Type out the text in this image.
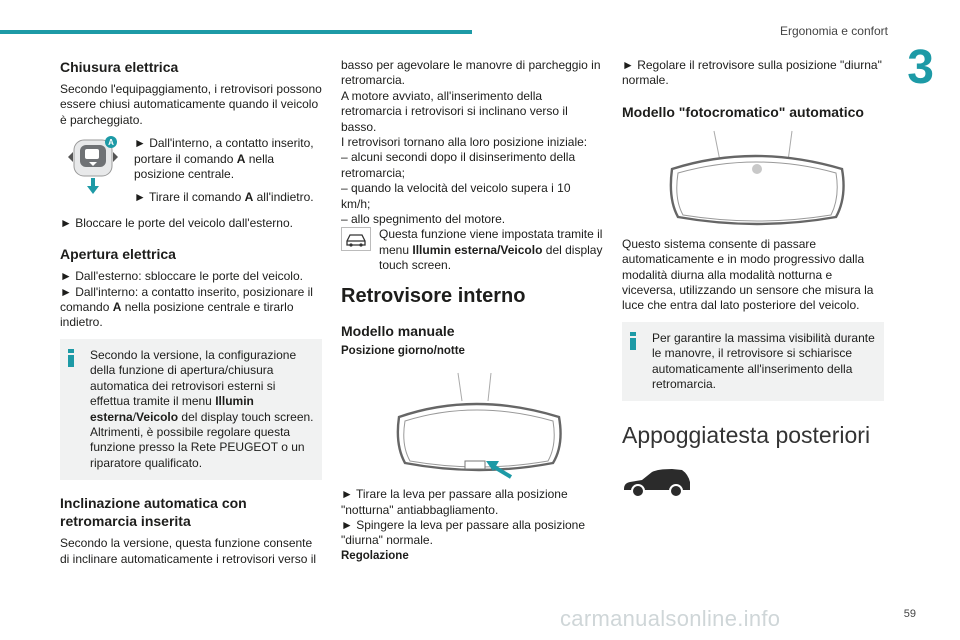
Ergonomia e confort
3
Chiusura elettrica

Secondo l'equipaggiamento, i retrovisori possono essere chiusi automaticamente quando il veicolo è parcheggiato.

A ► Dall'interno, a contatto inserito, portare il comando A nella posizione centrale.

► Tirare il comando A all'indietro.

► Bloccare le porte del veicolo dall'esterno.

Apertura elettrica

► Dall'esterno: sbloccare le porte del veicolo.

► Dall'interno: a contatto inserito, posizionare il comando A nella posizione centrale e tirarlo indietro.

Secondo la versione, la configurazione della funzione di apertura/chiusura automatica dei retrovisori esterni si effettua tramite il menu Illumin esterna/Veicolo del display touch screen.
Altrimenti, è possibile regolare questa funzione presso la Rete PEUGEOT o un riparatore qualificato.
Inclinazione automatica con retromarcia inserita

Secondo la versione, questa funzione consente di inclinare automaticamente i retrovisori verso il

basso per agevolare le manovre di parcheggio in retromarcia.

A motore avviato, all'inserimento della retromarcia i retrovisori si inclinano verso il basso.

I retrovisori tornano alla loro posizione iniziale:

– alcuni secondi dopo il disinserimento della retromarcia;

– quando la velocità del veicolo supera i 10 km/h;

– allo spegnimento del motore.

Questa funzione viene impostata tramite il menu Illumin esterna/Veicolo del display touch screen.
Retrovisore interno
Modello manuale

Posizione giorno/notte

► Tirare la leva per passare alla posizione "notturna" antiabbagliamento.

► Spingere la leva per passare alla posizione "diurna" normale.

Regolazione

► Regolare il retrovisore sulla posizione "diurna" normale.

Modello "fotocromatico" automatico

Questo sistema consente di passare automaticamente e in modo progressivo dalla modalità diurna alla modalità notturna e viceversa, utilizzando un sensore che misura la luce che entra dal lato posteriore del veicolo.

Per garantire la massima visibilità durante le manovre, il retrovisore si schiarisce automaticamente all'inserimento della retromarcia.
Appoggiatesta posteriori
carmanualsonline.info	59
